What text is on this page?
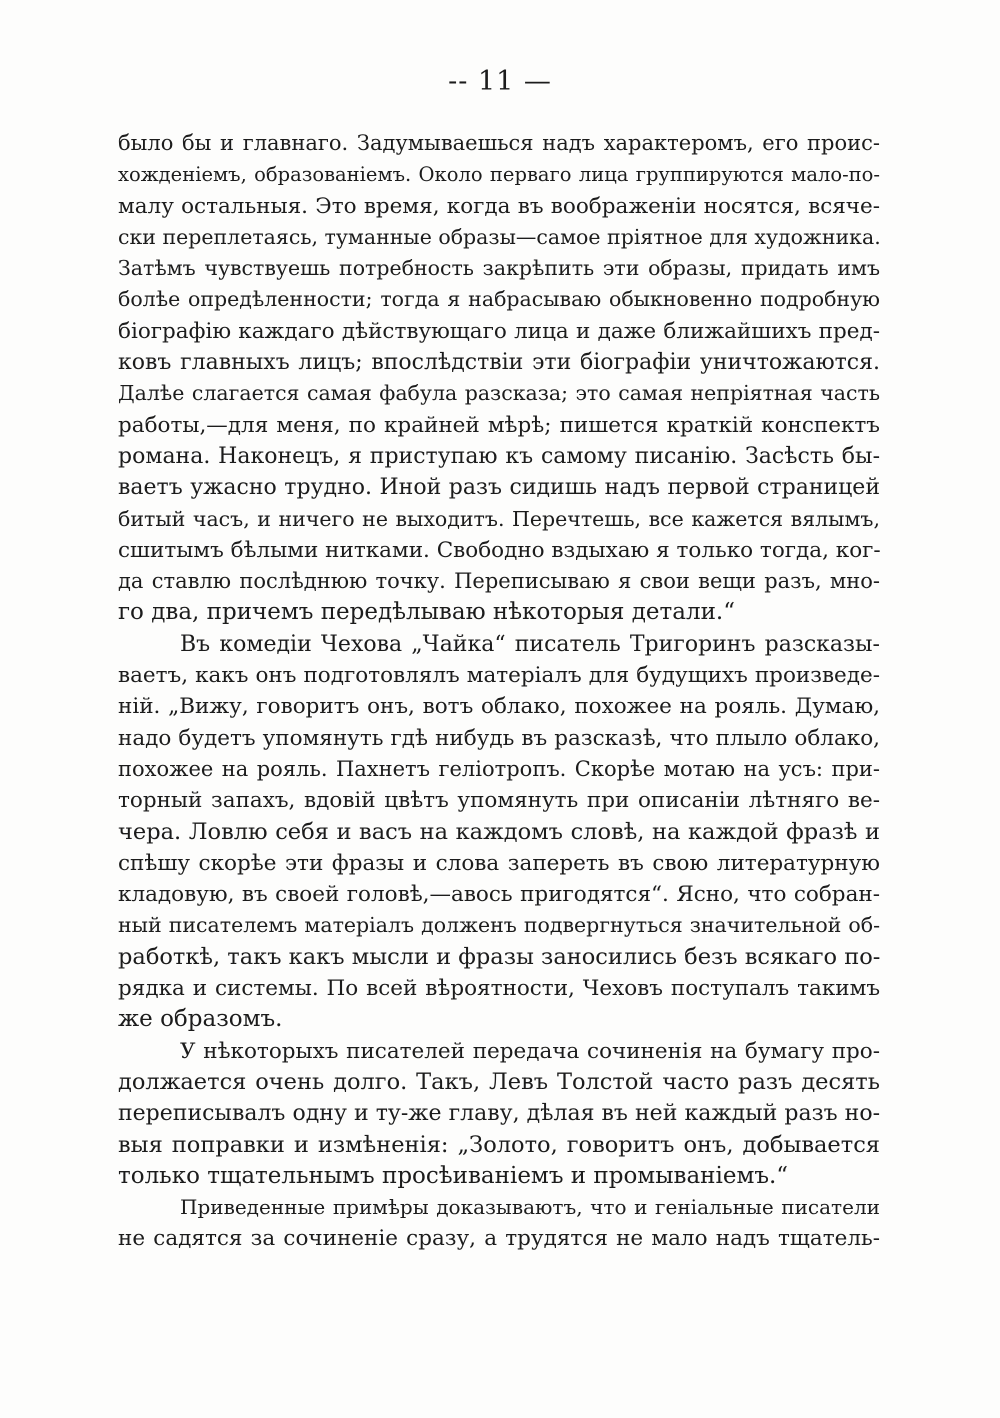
-- 11 —
было бы и главнаго. Задумываешься надъ характеромъ, его проис-
хожденіемъ, образованіемъ. Около перваго лица группируются мало-по-
малу остальныя. Это время, когда въ воображеніи носятся, всяче-
ски переплетаясь, туманные образы—самое пріятное для художника.
Затѣмъ чувствуешь потребность закрѣпить эти образы, придать имъ
болѣе опредѣленности; тогда я набрасываю обыкновенно подробную
біографію каждаго дѣйствующаго лица и даже ближайшихъ пред-
ковъ главныхъ лицъ; впослѣдствіи эти біографіи уничтожаются.
Далѣе слагается самая фабула разсказа; это самая непріятная часть
работы,—для меня, по крайней мѣрѣ; пишется краткій конспектъ
романа. Наконецъ, я приступаю къ самому писанію. Засѣсть бы-
ваетъ ужасно трудно. Иной разъ сидишь надъ первой страницей
битый часъ, и ничего не выходитъ. Перечтешь, все кажется вялымъ,
сшитымъ бѣлыми нитками. Свободно вздыхаю я только тогда, ког-
да ставлю послѣднюю точку. Переписываю я свои вещи разъ, мно-
го два, причемъ передѣлываю нѣкоторыя детали.“
Въ комедіи Чехова „Чайка“ писатель Тригоринъ разсказы-
ваетъ, какъ онъ подготовлялъ матеріалъ для будущихъ произведе-
ній. „Вижу, говоритъ онъ, вотъ облако, похожее на рояль. Думаю,
надо будетъ упомянуть гдѣ нибудь въ разсказѣ, что плыло облако,
похожее на рояль. Пахнетъ геліотропъ. Скорѣе мотаю на усъ: при-
торный запахъ, вдовій цвѣтъ упомянуть при описаніи лѣтняго ве-
чера. Ловлю себя и васъ на каждомъ словѣ, на каждой фразѣ и
спѣшу скорѣе эти фразы и слова запереть въ свою литературную
кладовую, въ своей головѣ,—авось пригодятся“. Ясно, что собран-
ный писателемъ матеріалъ долженъ подвергнуться значительной об-
работкѣ, такъ какъ мысли и фразы заносились безъ всякаго по-
рядка и системы. По всей вѣроятности, Чеховъ поступалъ такимъ
же образомъ.
У нѣкоторыхъ писателей передача сочиненія на бумагу про-
должается очень долго. Такъ, Левъ Толстой часто разъ десять
переписывалъ одну и ту-же главу, дѣлая въ ней каждый разъ но-
выя поправки и измѣненія: „Золото, говоритъ онъ, добывается
только тщательнымъ просѣиваніемъ и промываніемъ.“
Приведенные примѣры доказываютъ, что и геніальные писатели
не садятся за сочиненіе сразу, а трудятся не мало надъ тщатель-
